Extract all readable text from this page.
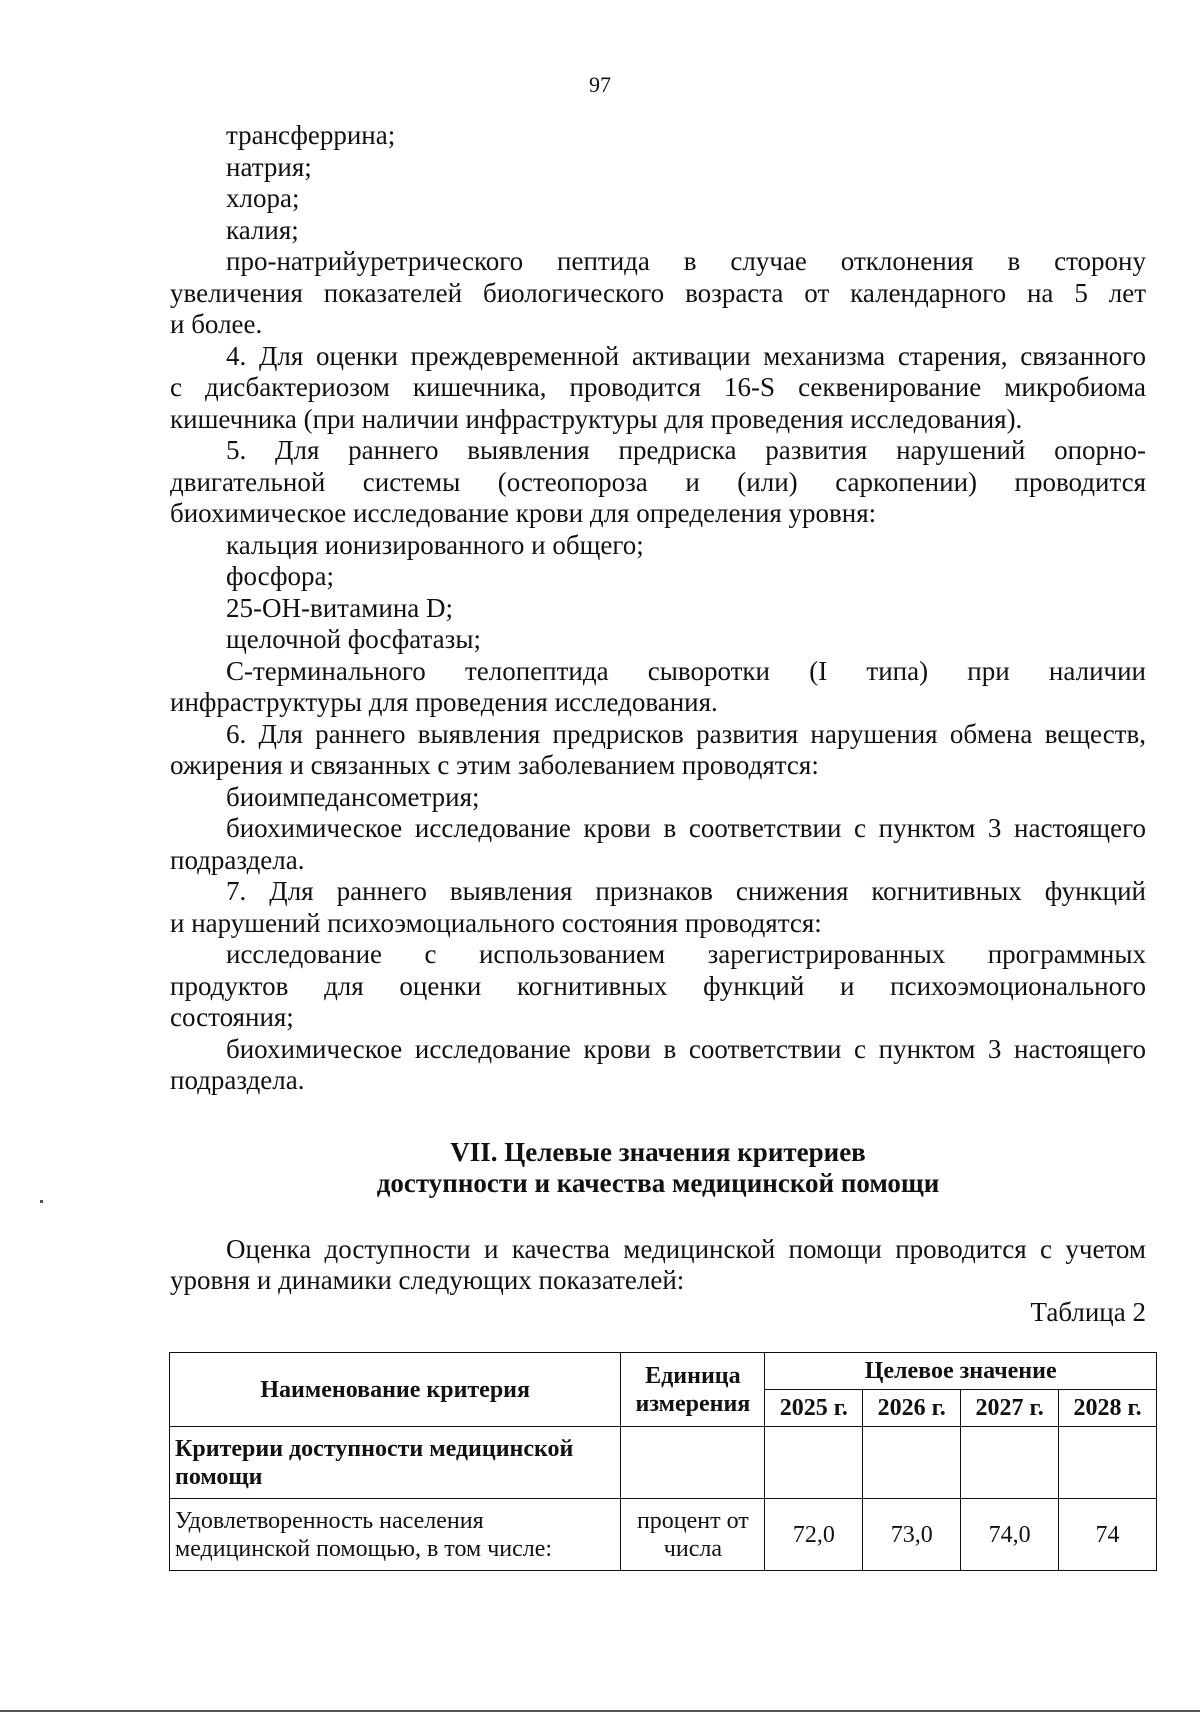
97

трансферрина;

натрия;

хлора;

калия;

про-натрийуретрического пептида в случае отклонения в сторону

увеличения показателей биологического возраста от календарного на 5 лет

и более.

4. Для оценки преждевременной активации механизма старения, связанного

с дисбактериозом кишечника, проводится 16-S секвенирование микробиома

кишечника (при наличии инфраструктуры для проведения исследования).

5. Для раннего выявления предриска развития нарушений опорно-

двигательной системы (остеопороза и (или) саркопении) проводится

биохимическое исследование крови для определения уровня:

кальция ионизированного и общего;

фосфора;

25-ОН-витамина D;

щелочной фосфатазы;

С-терминального телопептида сыворотки (I типа) при наличии

инфраструктуры для проведения исследования.

6. Для раннего выявления предрисков развития нарушения обмена веществ,

ожирения и связанных с этим заболеванием проводятся:

биоимпедансометрия;

биохимическое исследование крови в соответствии с пунктом 3 настоящего

подраздела.

7. Для раннего выявления признаков снижения когнитивных функций

и нарушений психоэмоциального состояния проводятся:

исследование с использованием зарегистрированных программных

продуктов для оценки когнитивных функций и психоэмоционального

состояния;

биохимическое исследование крови в соответствии с пунктом 3 настоящего

подраздела.

VII. Целевые значения критериев

доступности и качества медицинской помощи

Оценка доступности и качества медицинской помощи проводится с учетом

уровня и динамики следующих показателей:

Таблица 2

Наименование критерия	Единица измерения	Целевое значение			
		2025 г.	2026 г.	2027 г.	2028 г.
Критерии доступности медицинской помощи					
Удовлетворенность населения медицинской помощью, в том числе:	процент от числа	72,0	73,0	74,0	74
